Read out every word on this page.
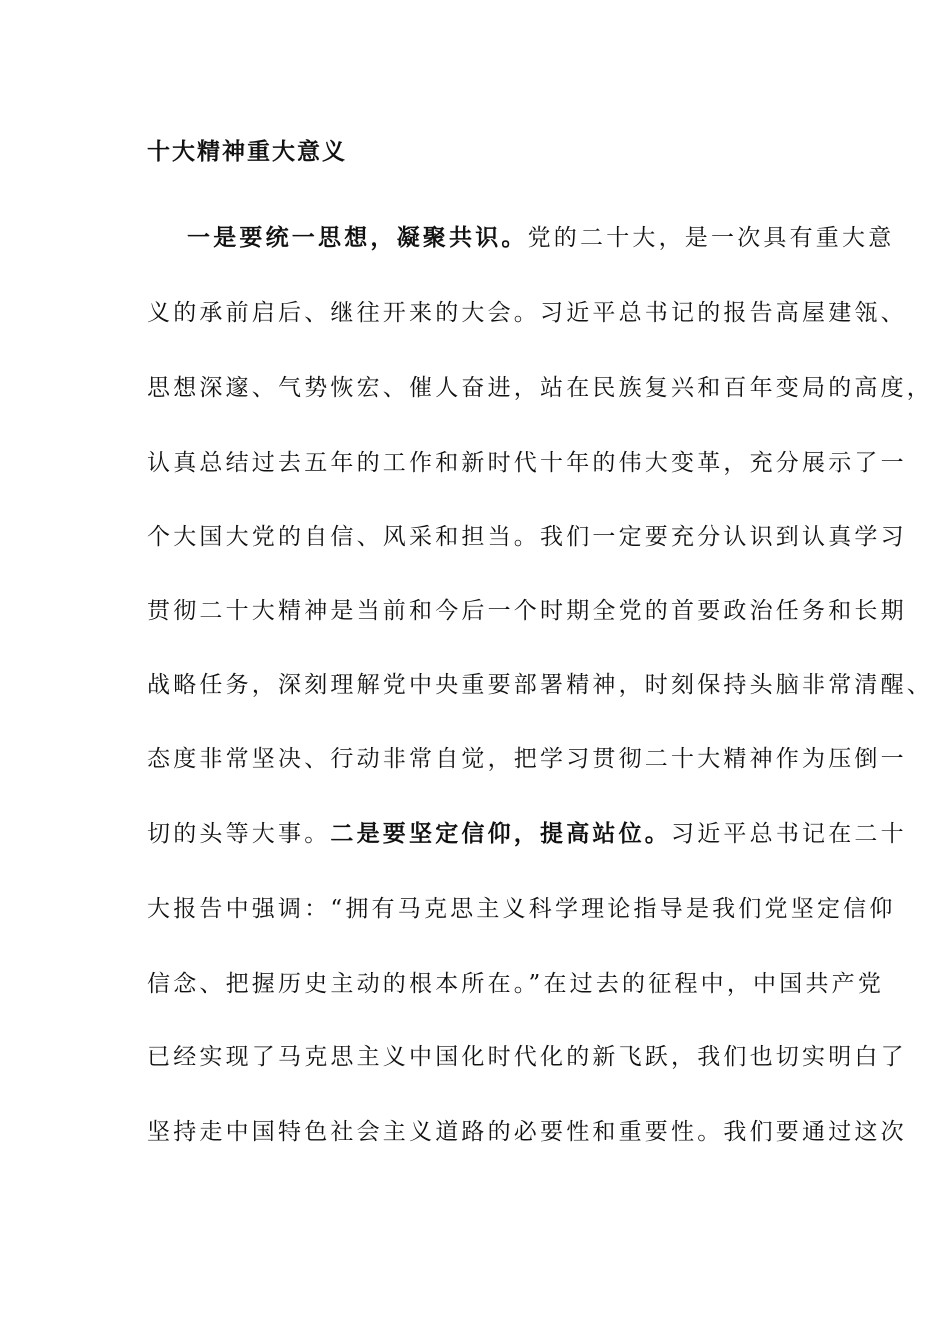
十大精神重大意义
一是要统一思想，凝聚共识。党的二十大，是一次具有重大意
义的承前启后、继往开来的大会。习近平总书记的报告高屋建瓴、
思想深邃、气势恢宏、催人奋进，站在民族复兴和百年变局的高度，
认真总结过去五年的工作和新时代十年的伟大变革，充分展示了一
个大国大党的自信、风采和担当。我们一定要充分认识到认真学习
贯彻二十大精神是当前和今后一个时期全党的首要政治任务和长期
战略任务，深刻理解党中央重要部署精神，时刻保持头脑非常清醒、
态度非常坚决、行动非常自觉，把学习贯彻二十大精神作为压倒一
切的头等大事。二是要坚定信仰，提高站位。习近平总书记在二十
大报告中强调：“拥有马克思主义科学理论指导是我们党坚定信仰
信念、把握历史主动的根本所在。”在过去的征程中，中国共产党
已经实现了马克思主义中国化时代化的新飞跃，我们也切实明白了
坚持走中国特色社会主义道路的必要性和重要性。我们要通过这次
